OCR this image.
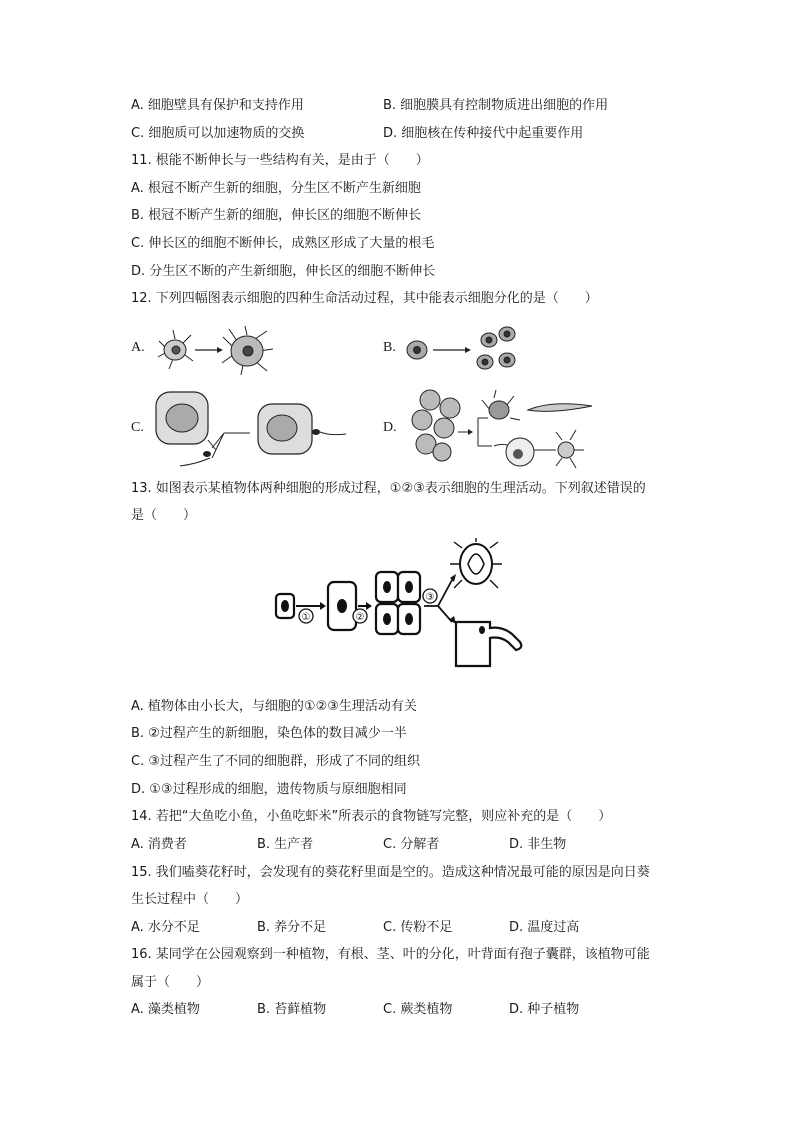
A. 细胞壁具有保护和支持作用	B. 细胞膜具有控制物质进出细胞的作用
C. 细胞质可以加速物质的交换	D. 细胞核在传种接代中起重要作用
11. 根能不断伸长与一些结构有关，是由于（　　）
A. 根冠不断产生新的细胞，分生区不断产生新细胞
B. 根冠不断产生新的细胞，伸长区的细胞不断伸长
C. 伸长区的细胞不断伸长，成熟区形成了大量的根毛
D. 分生区不断的产生新细胞，伸长区的细胞不断伸长
12. 下列四幅图表示细胞的四种生命活动过程，其中能表示细胞分化的是（　　）
A.	B.
C.	D.
13. 如图表示某植物体两种细胞的形成过程，①②③表示细胞的生理活动。下列叙述错误的
是（　　）
①	②
③
A. 植物体由小长大，与细胞的①②③生理活动有关
B. ②过程产生的新细胞，染色体的数目减少一半
C. ③过程产生了不同的细胞群，形成了不同的组织
D. ①③过程形成的细胞，遗传物质与原细胞相同
14. 若把“大鱼吃小鱼，小鱼吃虾米”所表示的食物链写完整，则应补充的是（　　）
A. 消费者	B. 生产者	C. 分解者	D. 非生物
15. 我们嗑葵花籽时，会发现有的葵花籽里面是空的。造成这种情况最可能的原因是向日葵
生长过程中（　　）
A. 水分不足	B. 养分不足	C. 传粉不足	D. 温度过高
16. 某同学在公园观察到一种植物，有根、茎、叶的分化，叶背面有孢子囊群，该植物可能
属于（　　）
A. 藻类植物	B. 苔藓植物	C. 蕨类植物	D. 种子植物
